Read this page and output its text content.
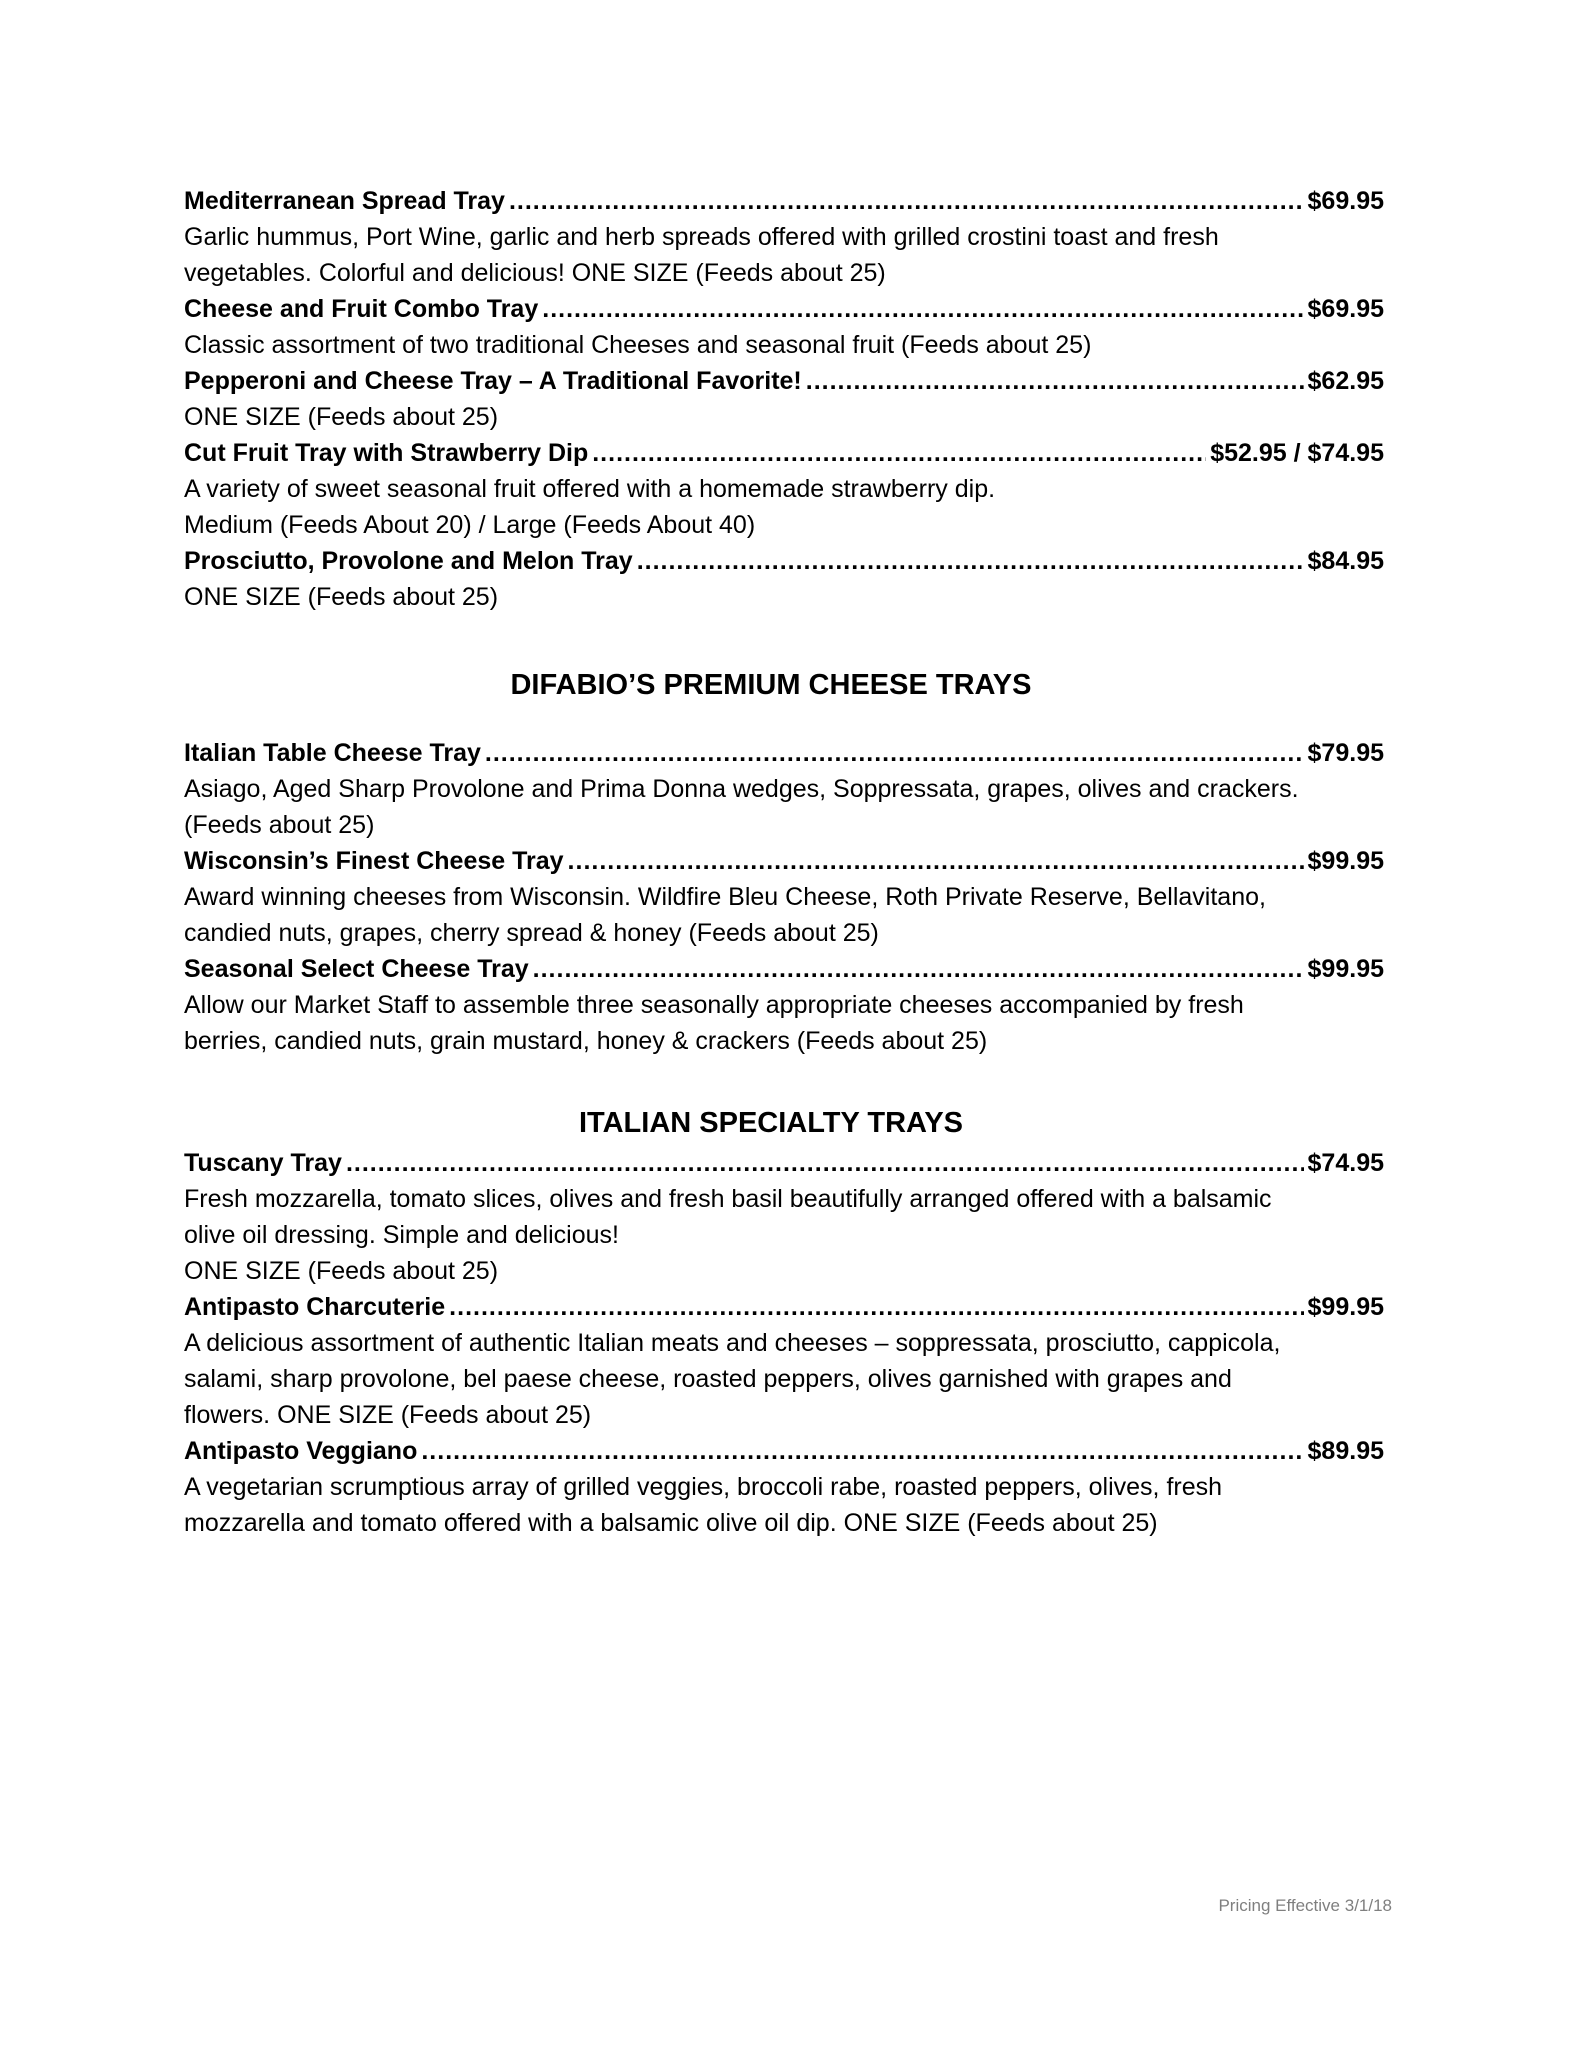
Mediterranean Spread Tray .....	$69.95

Garlic hummus, Port Wine, garlic and herb spreads offered with grilled crostini toast and fresh
vegetables. Colorful and delicious! ONE SIZE (Feeds about 25)

Cheese and Fruit Combo Tray .....	$69.95

Classic assortment of two traditional Cheeses and seasonal fruit (Feeds about 25)

Pepperoni and Cheese Tray – A Traditional Favorite! .....	$62.95

ONE SIZE (Feeds about 25)

Cut Fruit Tray with Strawberry Dip .....	$52.95 / $74.95

A variety of sweet seasonal fruit offered with a homemade strawberry dip.
Medium (Feeds About 20) / Large (Feeds About 40)

Prosciutto, Provolone and Melon Tray .....	$84.95

ONE SIZE (Feeds about 25)

DIFABIO’S PREMIUM CHEESE TRAYS
Italian Table Cheese Tray .....	$79.95

Asiago, Aged Sharp Provolone and Prima Donna wedges, Soppressata, grapes, olives and crackers.
(Feeds about 25)

Wisconsin’s Finest Cheese Tray .....	$99.95

Award winning cheeses from Wisconsin. Wildfire Bleu Cheese, Roth Private Reserve, Bellavitano,
candied nuts, grapes, cherry spread & honey (Feeds about 25)

Seasonal Select Cheese Tray .....	$99.95

Allow our Market Staff to assemble three seasonally appropriate cheeses accompanied by fresh
berries, candied nuts, grain mustard, honey & crackers (Feeds about 25)

ITALIAN SPECIALTY TRAYS
Tuscany Tray .....	$74.95

Fresh mozzarella, tomato slices, olives and fresh basil beautifully arranged offered with a balsamic
olive oil dressing. Simple and delicious!
ONE SIZE (Feeds about 25)

Antipasto Charcuterie .....	$99.95

A delicious assortment of authentic Italian meats and cheeses – soppressata, prosciutto, cappicola,
salami, sharp provolone, bel paese cheese, roasted peppers, olives garnished with grapes and
flowers. ONE SIZE (Feeds about 25)

Antipasto Veggiano .....	$89.95

A vegetarian scrumptious array of grilled veggies, broccoli rabe, roasted peppers, olives, fresh
mozzarella and tomato offered with a balsamic olive oil dip. ONE SIZE (Feeds about 25)

Pricing Effective 3/1/18
